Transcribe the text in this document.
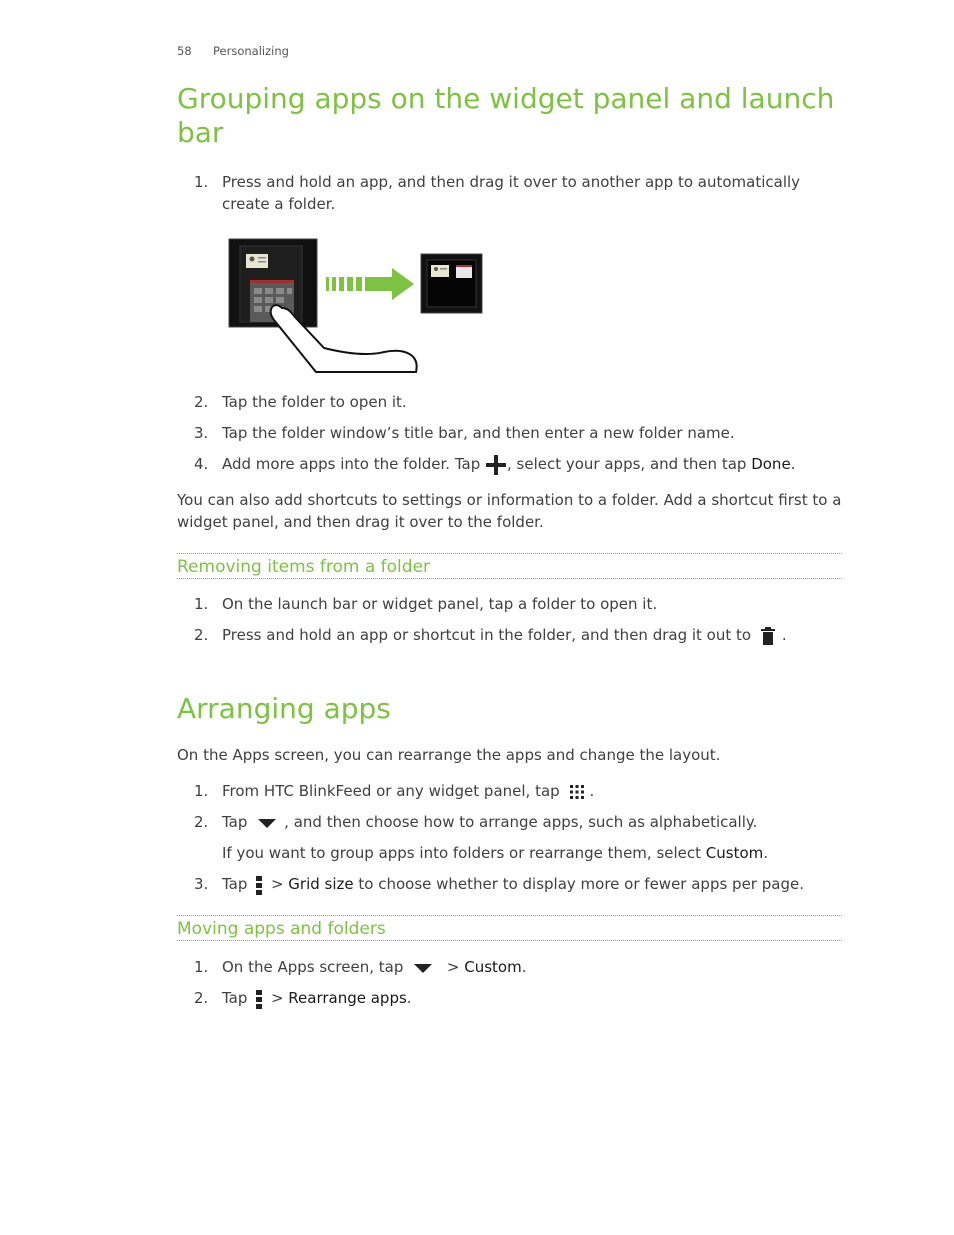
58 Personalizing
Grouping apps on the widget panel and launch bar
1. Press and hold an app, and then drag it over to another app to automatically create a folder.
2. Tap the folder to open it.
3. Tap the folder window’s title bar, and then enter a new folder name.
4. Add more apps into the folder. Tap , select your apps, and then tap Done.
You can also add shortcuts to settings or information to a folder. Add a shortcut first to a widget panel, and then drag it over to the folder.
Removing items from a folder
1. On the launch bar or widget panel, tap a folder to open it.
2. Press and hold an app or shortcut in the folder, and then drag it out to .
Arranging apps
On the Apps screen, you can rearrange the apps and change the layout.
1. From HTC BlinkFeed or any widget panel, tap .
2. Tap , and then choose how to arrange apps, such as alphabetically.
If you want to group apps into folders or rearrange them, select Custom.
3. Tap  > Grid size to choose whether to display more or fewer apps per page.
Moving apps and folders
1. On the Apps screen, tap  > Custom.
2. Tap  > Rearrange apps.
